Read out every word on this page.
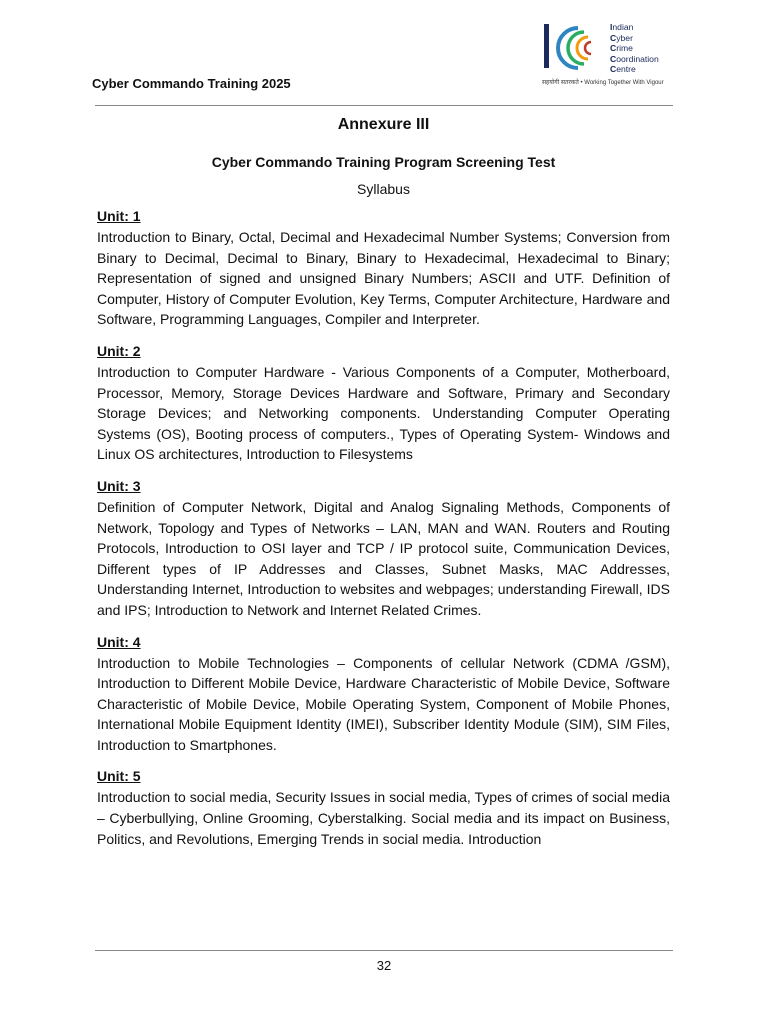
Cyber Commando Training 2025
Indian
Cyber
Crime
Coordination
Centre
सहयोगी सतरकते • Working Together With Vigour
Annexure III
Cyber Commando Training Program Screening Test
Syllabus
Unit: 1
Introduction to Binary, Octal, Decimal and Hexadecimal Number Systems; Conversion from Binary to Decimal, Decimal to Binary, Binary to Hexadecimal, Hexadecimal to Binary; Representation of signed and unsigned Binary Numbers; ASCII and UTF. Definition of Computer, History of Computer Evolution, Key Terms, Computer Architecture, Hardware and Software, Programming Languages, Compiler and Interpreter.
Unit: 2
Introduction to Computer Hardware - Various Components of a Computer, Motherboard, Processor, Memory, Storage Devices Hardware and Software, Primary and Secondary Storage Devices; and Networking components. Understanding Computer Operating Systems (OS), Booting process of computers., Types of Operating System- Windows and Linux OS architectures, Introduction to Filesystems
Unit: 3
Definition of Computer Network, Digital and Analog Signaling Methods, Components of Network, Topology and Types of Networks – LAN, MAN and WAN. Routers and Routing Protocols, Introduction to OSI layer and TCP / IP protocol suite, Communication Devices, Different types of IP Addresses and Classes, Subnet Masks, MAC Addresses, Understanding Internet, Introduction to websites and webpages; understanding Firewall, IDS and IPS; Introduction to Network and Internet Related Crimes.
Unit: 4
Introduction to Mobile Technologies – Components of cellular Network (CDMA /GSM), Introduction to Different Mobile Device, Hardware Characteristic of Mobile Device, Software Characteristic of Mobile Device, Mobile Operating System, Component of Mobile Phones, International Mobile Equipment Identity (IMEI), Subscriber Identity Module (SIM), SIM Files, Introduction to Smartphones.
Unit: 5
Introduction to social media, Security Issues in social media, Types of crimes of social media – Cyberbullying, Online Grooming, Cyberstalking. Social media and its impact on Business, Politics, and Revolutions, Emerging Trends in social media. Introduction
32
